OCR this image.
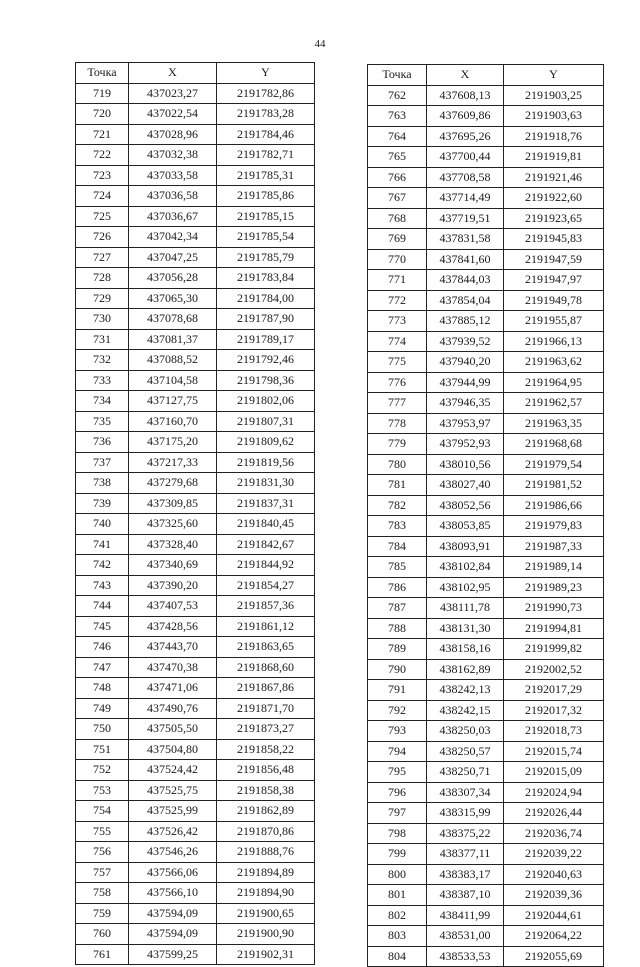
44
Точка	X	Y
719	437023,27	2191782,86
720	437022,54	2191783,28
721	437028,96	2191784,46
722	437032,38	2191782,71
723	437033,58	2191785,31
724	437036,58	2191785,86
725	437036,67	2191785,15
726	437042,34	2191785,54
727	437047,25	2191785,79
728	437056,28	2191783,84
729	437065,30	2191784,00
730	437078,68	2191787,90
731	437081,37	2191789,17
732	437088,52	2191792,46
733	437104,58	2191798,36
734	437127,75	2191802,06
735	437160,70	2191807,31
736	437175,20	2191809,62
737	437217,33	2191819,56
738	437279,68	2191831,30
739	437309,85	2191837,31
740	437325,60	2191840,45
741	437328,40	2191842,67
742	437340,69	2191844,92
743	437390,20	2191854,27
744	437407,53	2191857,36
745	437428,56	2191861,12
746	437443,70	2191863,65
747	437470,38	2191868,60
748	437471,06	2191867,86
749	437490,76	2191871,70
750	437505,50	2191873,27
751	437504,80	2191858,22
752	437524,42	2191856,48
753	437525,75	2191858,38
754	437525,99	2191862,89
755	437526,42	2191870,86
756	437546,26	2191888,76
757	437566,06	2191894,89
758	437566,10	2191894,90
759	437594,09	2191900,65
760	437594,09	2191900,90
761	437599,25	2191902,31
Точка	X	Y
762	437608,13	2191903,25
763	437609,86	2191903,63
764	437695,26	2191918,76
765	437700,44	2191919,81
766	437708,58	2191921,46
767	437714,49	2191922,60
768	437719,51	2191923,65
769	437831,58	2191945,83
770	437841,60	2191947,59
771	437844,03	2191947,97
772	437854,04	2191949,78
773	437885,12	2191955,87
774	437939,52	2191966,13
775	437940,20	2191963,62
776	437944,99	2191964,95
777	437946,35	2191962,57
778	437953,97	2191963,35
779	437952,93	2191968,68
780	438010,56	2191979,54
781	438027,40	2191981,52
782	438052,56	2191986,66
783	438053,85	2191979,83
784	438093,91	2191987,33
785	438102,84	2191989,14
786	438102,95	2191989,23
787	438111,78	2191990,73
788	438131,30	2191994,81
789	438158,16	2191999,82
790	438162,89	2192002,52
791	438242,13	2192017,29
792	438242,15	2192017,32
793	438250,03	2192018,73
794	438250,57	2192015,74
795	438250,71	2192015,09
796	438307,34	2192024,94
797	438315,99	2192026,44
798	438375,22	2192036,74
799	438377,11	2192039,22
800	438383,17	2192040,63
801	438387,10	2192039,36
802	438411,99	2192044,61
803	438531,00	2192064,22
804	438533,53	2192055,69
